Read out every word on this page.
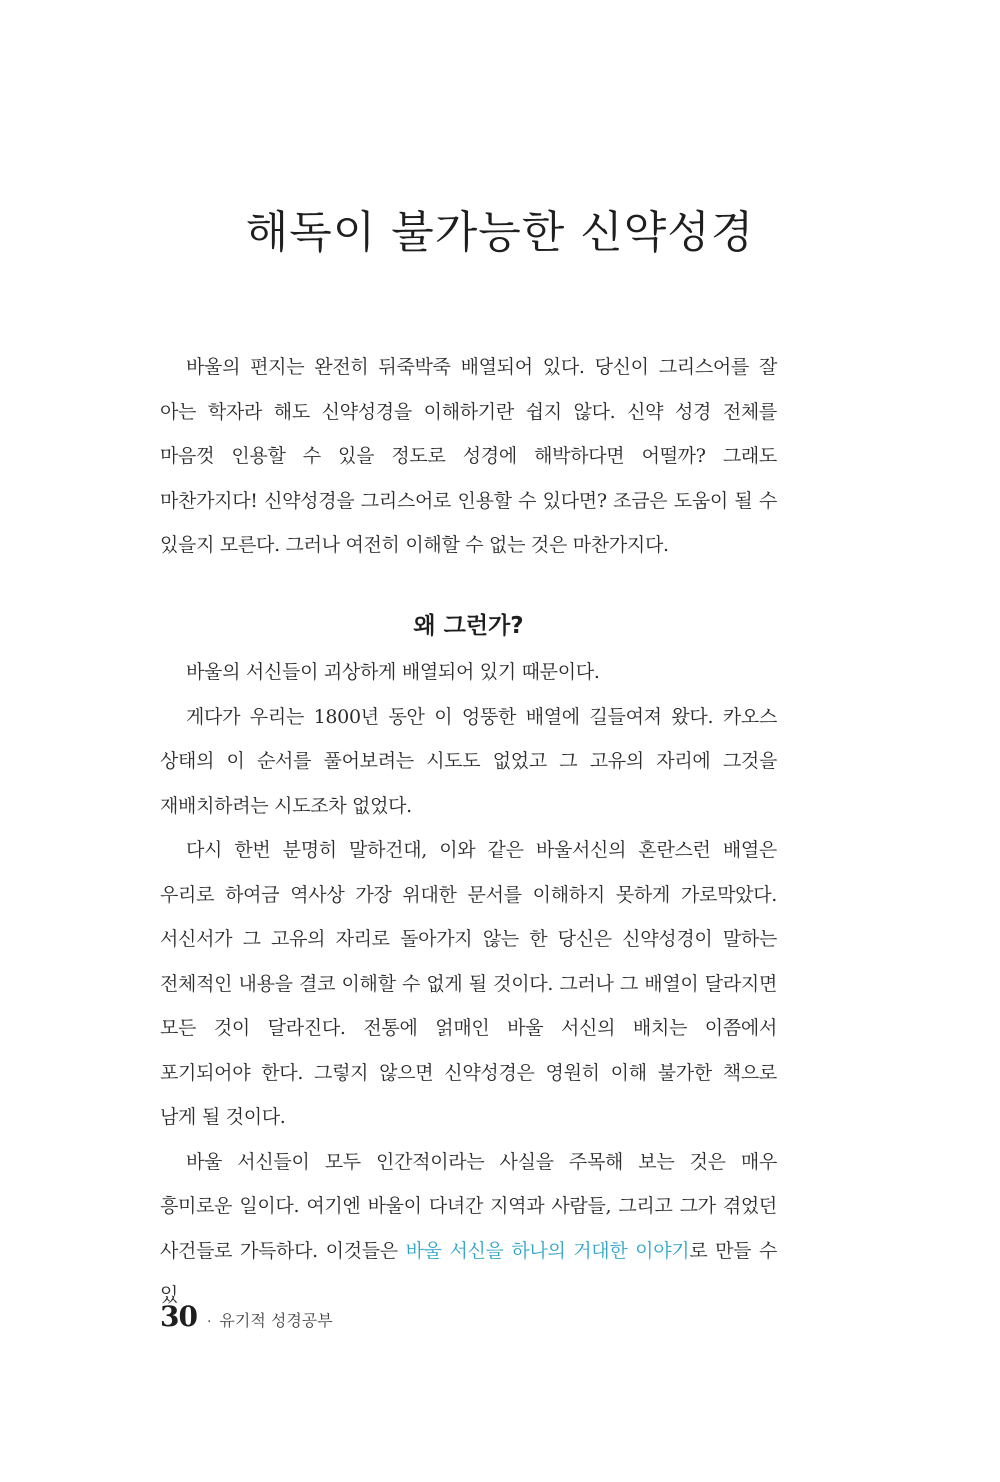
해독이 불가능한 신약성경

바울의 편지는 완전히 뒤죽박죽 배열되어 있다. 당신이 그리스어를 잘 아는 학자라 해도 신약성경을 이해하기란 쉽지 않다. 신약 성경 전체를 마음껏 인용할 수 있을 정도로 성경에 해박하다면 어떨까? 그래도 마찬가지다! 신약성경을 그리스어로 인용할 수 있다면? 조금은 도움이 될 수 있을지 모른다. 그러나 여전히 이해할 수 없는 것은 마찬가지다.

왜 그런가?

바울의 서신들이 괴상하게 배열되어 있기 때문이다.

게다가 우리는 1800년 동안 이 엉뚱한 배열에 길들여져 왔다. 카오스 상태의 이 순서를 풀어보려는 시도도 없었고 그 고유의 자리에 그것을 재배치하려는 시도조차 없었다.

다시 한번 분명히 말하건대, 이와 같은 바울서신의 혼란스런 배열은 우리로 하여금 역사상 가장 위대한 문서를 이해하지 못하게 가로막았다. 서신서가 그 고유의 자리로 돌아가지 않는 한 당신은 신약성경이 말하는 전체적인 내용을 결코 이해할 수 없게 될 것이다. 그러나 그 배열이 달라지면 모든 것이 달라진다. 전통에 얽매인 바울 서신의 배치는 이쯤에서 포기되어야 한다. 그렇지 않으면 신약성경은 영원히 이해 불가한 책으로 남게 될 것이다.

바울 서신들이 모두 인간적이라는 사실을 주목해 보는 것은 매우 흥미로운 일이다. 여기엔 바울이 다녀간 지역과 사람들, 그리고 그가 겪었던 사건들로 가득하다. 이것들은 바울 서신을 하나의 거대한 이야기로 만들 수 있

30 · 유기적 성경공부
